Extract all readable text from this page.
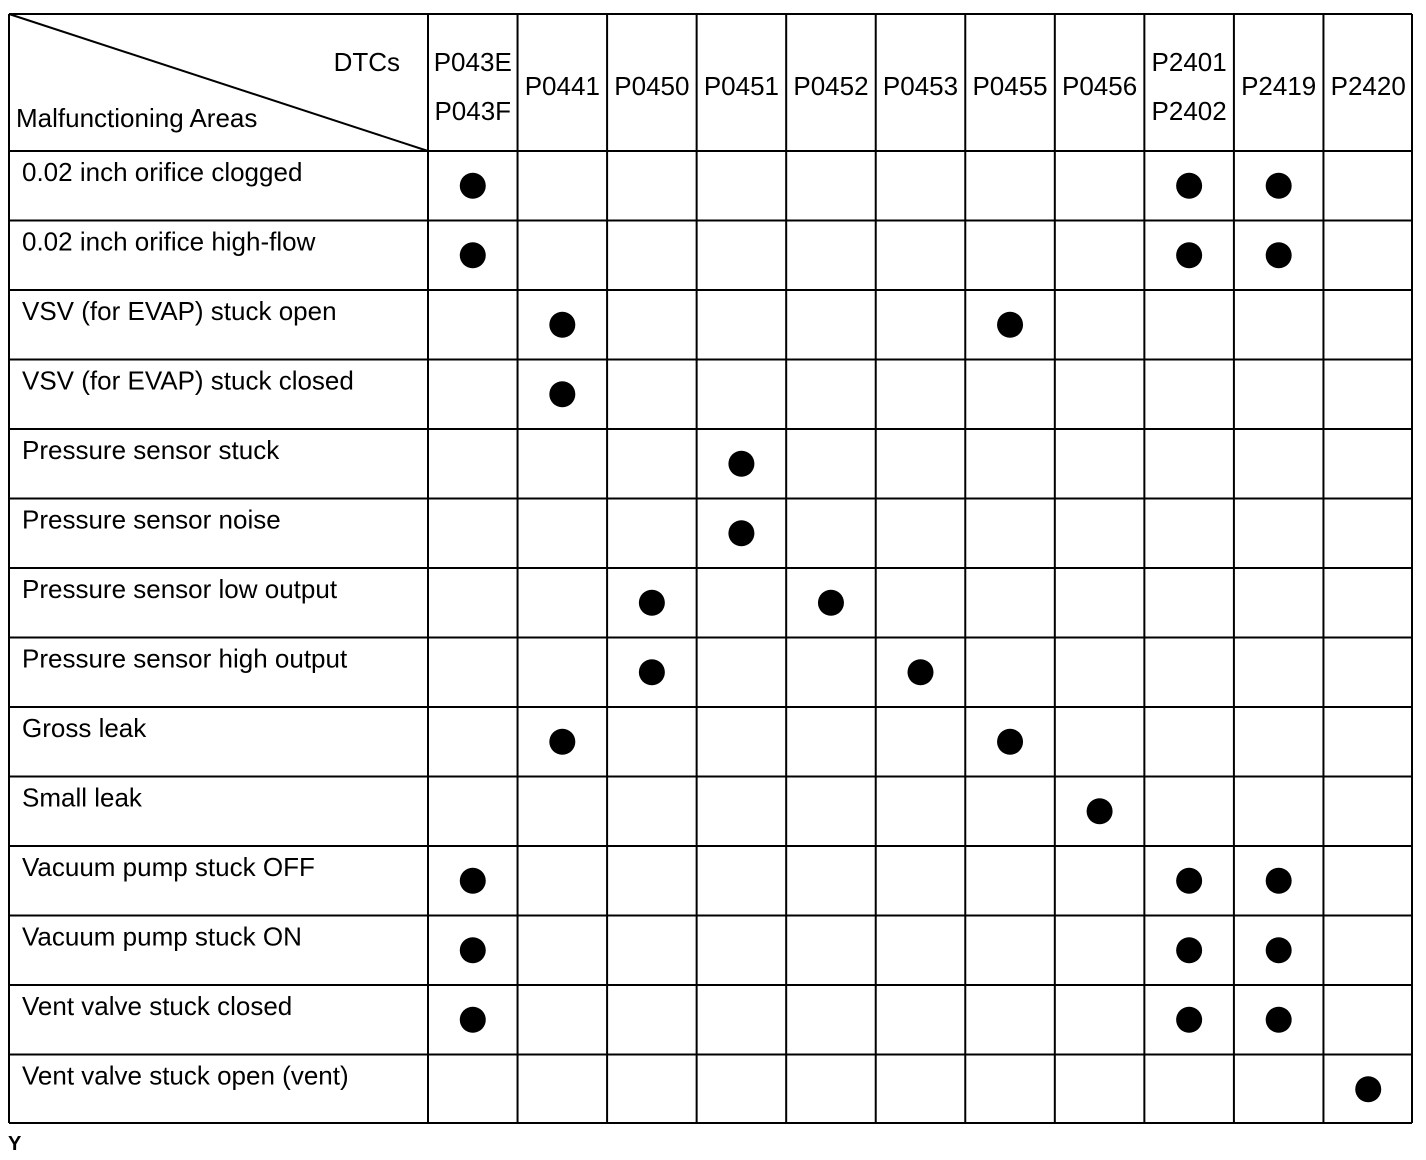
DTCs
Malfunctioning Areas
P043E
P043F
P0441 P0450 P0451 P0452 P0453 P0455 P0456
P2401
P2402
P2419 P2420
0.02 inch orifice clogged
0.02 inch orifice high-flow
VSV (for EVAP) stuck open
VSV (for EVAP) stuck closed
Pressure sensor stuck
Pressure sensor noise
Pressure sensor low output
Pressure sensor high output
Gross leak
Small leak
Vacuum pump stuck OFF
Vacuum pump stuck ON
Vent valve stuck closed
Vent valve stuck open (vent)
Y
